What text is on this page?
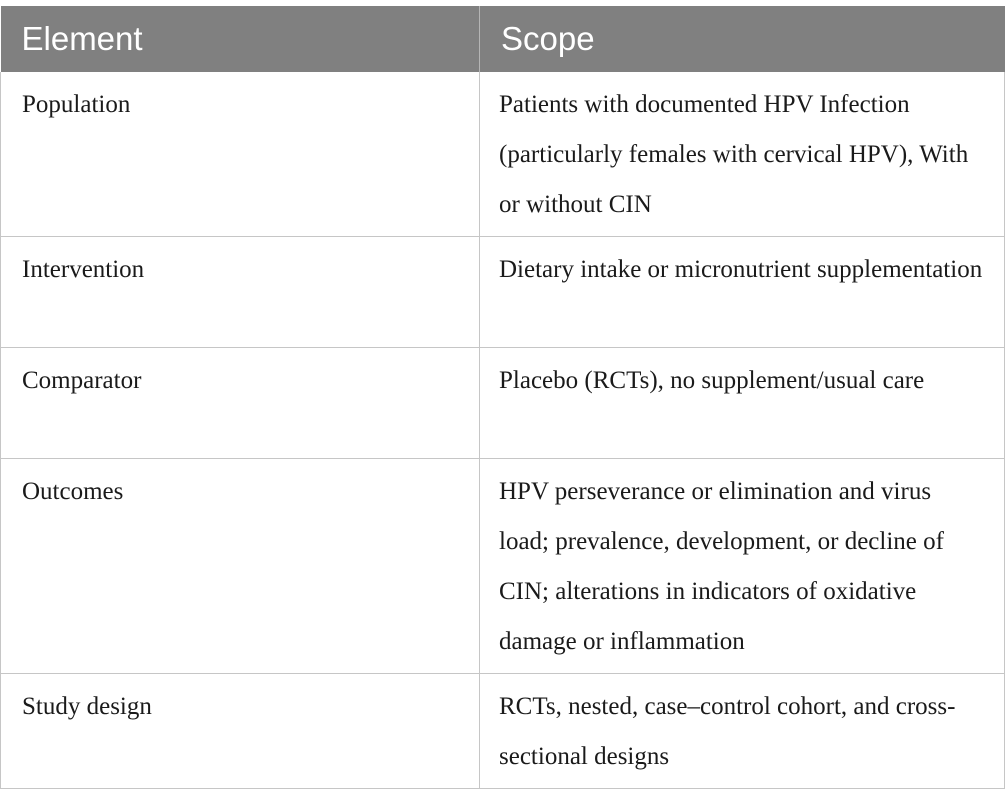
Element	Scope
Population	Patients with documented HPV Infection (particularly females with cervical HPV), With or without CIN
Intervention	Dietary intake or micronutrient supplementation
Comparator	Placebo (RCTs), no supplement/usual care
Outcomes	HPV perseverance or elimination and virus load; prevalence, development, or decline of CIN; alterations in indicators of oxidative damage or inflammation
Study design	RCTs, nested, case–control cohort, and cross-sectional designs
